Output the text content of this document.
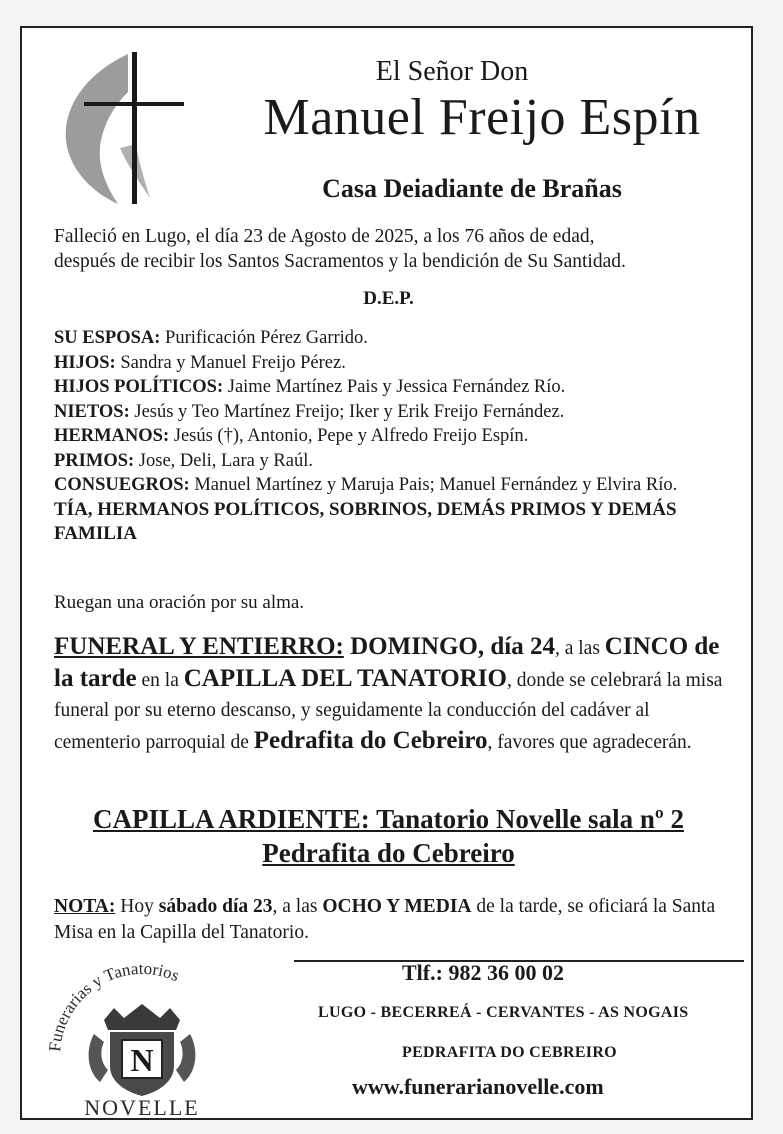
El Señor Don
Manuel Freijo Espín
Casa Deiadiante de Brañas
Falleció en Lugo, el día 23 de Agosto de 2025, a los 76 años de edad,
después de recibir los Santos Sacramentos y la bendición de Su Santidad.
D.E.P.

SU ESPOSA: Purificación Pérez Garrido.

HIJOS: Sandra y Manuel Freijo Pérez.

HIJOS POLÍTICOS: Jaime Martínez Pais y Jessica Fernández Río.

NIETOS: Jesús y Teo Martínez Freijo; Iker y Erik Freijo Fernández.

HERMANOS: Jesús (†), Antonio, Pepe y Alfredo Freijo Espín.

PRIMOS: Jose, Deli, Lara y Raúl.

CONSUEGROS: Manuel Martínez y Maruja Pais; Manuel Fernández y Elvira Río.

TÍA, HERMANOS POLÍTICOS, SOBRINOS, DEMÁS PRIMOS Y DEMÁS FAMILIA

Ruegan una oración por su alma.
FUNERAL Y ENTIERRO: DOMINGO, día 24, a las CINCO de la tarde en la CAPILLA DEL TANATORIO, donde se celebrará la misa funeral por su eterno descanso, y seguidamente la conducción del cadáver al cementerio parroquial de Pedrafita do Cebreiro, favores que agradecerán.
CAPILLA ARDIENTE: Tanatorio Novelle sala nº 2
Pedrafita do Cebreiro
NOTA: Hoy sábado día 23, a las OCHO Y MEDIA de la tarde, se oficiará la Santa Misa en la Capilla del Tanatorio.
Funerarias y Tanatorios
N
NOVELLE
Tlf.: 982 36 00 02
LUGO - BECERREÁ - CERVANTES - AS NOGAIS
PEDRAFITA DO CEBREIRO
www.funerarianovelle.com
